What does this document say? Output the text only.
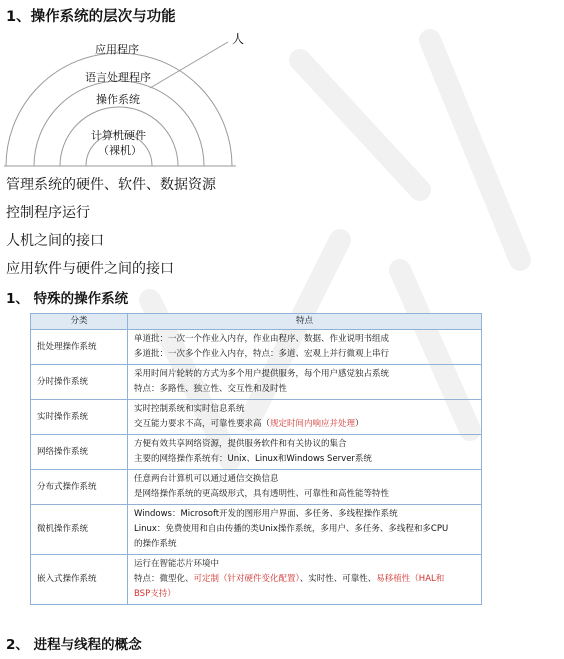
1、操作系统的层次与功能
应用程序
语言处理程序
操作系统
计算机硬件
（裸机）
人
管理系统的硬件、软件、数据资源
控制程序运行
人机之间的接口
应用软件与硬件之间的接口
1、 特殊的操作系统
分类	特点
批处理操作系统	单道批：一次一个作业入内存，作业由程序、数据、作业说明书组成
多道批：一次多个作业入内存，特点：多道、宏观上并行微观上串行

分时操作系统	采用时间片轮转的方式为多个用户提供服务，每个用户感觉独占系统
特点：多路性、独立性、交互性和及时性

实时操作系统	实时控制系统和实时信息系统
交互能力要求不高，可靠性要求高（规定时间内响应并处理）

网络操作系统	方便有效共享网络资源，提供服务软件和有关协议的集合
主要的网络操作系统有：Unix、Linux和Windows Server系统

分布式操作系统	任意两台计算机可以通过通信交换信息
是网络操作系统的更高级形式，具有透明性、可靠性和高性能等特性

微机操作系统	Windows：Microsoft开发的图形用户界面、多任务、多线程操作系统
Linux：免费使用和自由传播的类Unix操作系统，多用户、多任务、多线程和多CPU
的操作系统

嵌入式操作系统	运行在智能芯片环境中
特点：微型化、可定制（针对硬件变化配置）、实时性、可靠性、易移植性（HAL和
BSP支持）
2、 进程与线程的概念
